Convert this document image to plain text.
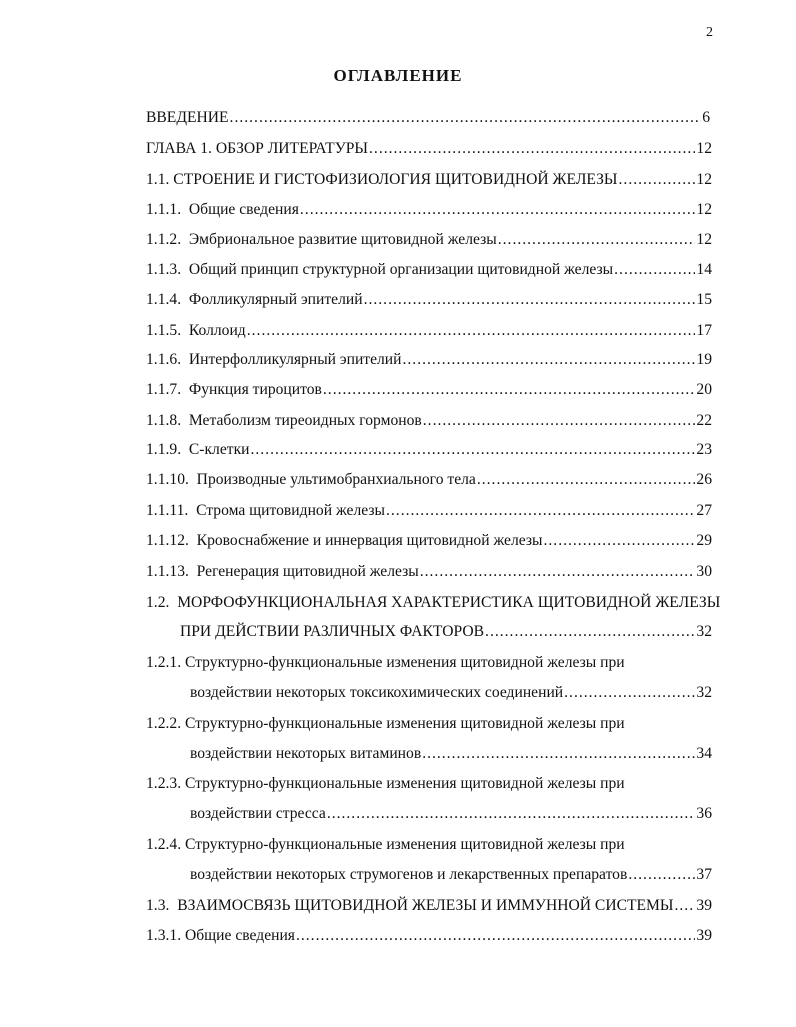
2
ОГЛАВЛЕНИЕ
ВВЕДЕНИЕ .....	6
ГЛАВА 1. ОБЗОР ЛИТЕРАТУРЫ .....	12
1.1. СТРОЕНИЕ И ГИСТОФИЗИОЛОГИЯ ЩИТОВИДНОЙ ЖЕЛЕЗЫ .....	12
1.1.1.  Общие сведения .....	12
1.1.2.  Эмбриональное развитие щитовидной железы .....	12
1.1.3.  Общий принцип структурной организации щитовидной железы .....	14
1.1.4.  Фолликулярный эпителий .....	15
1.1.5.  Коллоид .....	17
1.1.6.  Интерфолликулярный эпителий .....	19
1.1.7.  Функция тироцитов .....	20
1.1.8.  Метаболизм тиреоидных гормонов .....	22
1.1.9.  С-клетки .....	23
1.1.10.  Производные ультимобранхиального тела .....	26
1.1.11.  Строма щитовидной железы .....	27
1.1.12.  Кровоснабжение и иннервация щитовидной железы .....	29
1.1.13.  Регенерация щитовидной железы .....	30
1.2.  МОРФОФУНКЦИОНАЛЬНАЯ ХАРАКТЕРИСТИКА ЩИТОВИДНОЙ ЖЕЛЕЗЫ
ПРИ ДЕЙСТВИИ РАЗЛИЧНЫХ ФАКТОРОВ .....	32
1.2.1. Структурно-функциональные изменения щитовидной железы при
воздействии некоторых токсикохимических соединений .....	32
1.2.2. Структурно-функциональные изменения щитовидной железы при
воздействии некоторых витаминов .....	34
1.2.3. Структурно-функциональные изменения щитовидной железы при
воздействии стресса .....	36
1.2.4. Структурно-функциональные изменения щитовидной железы при
воздействии некоторых струмогенов и лекарственных препаратов .....	37
1.3.  ВЗАИМОСВЯЗЬ ЩИТОВИДНОЙ ЖЕЛЕЗЫ И ИММУННОЙ СИСТЕМЫ ..... 39
1.3.1. Общие сведения .....	39
